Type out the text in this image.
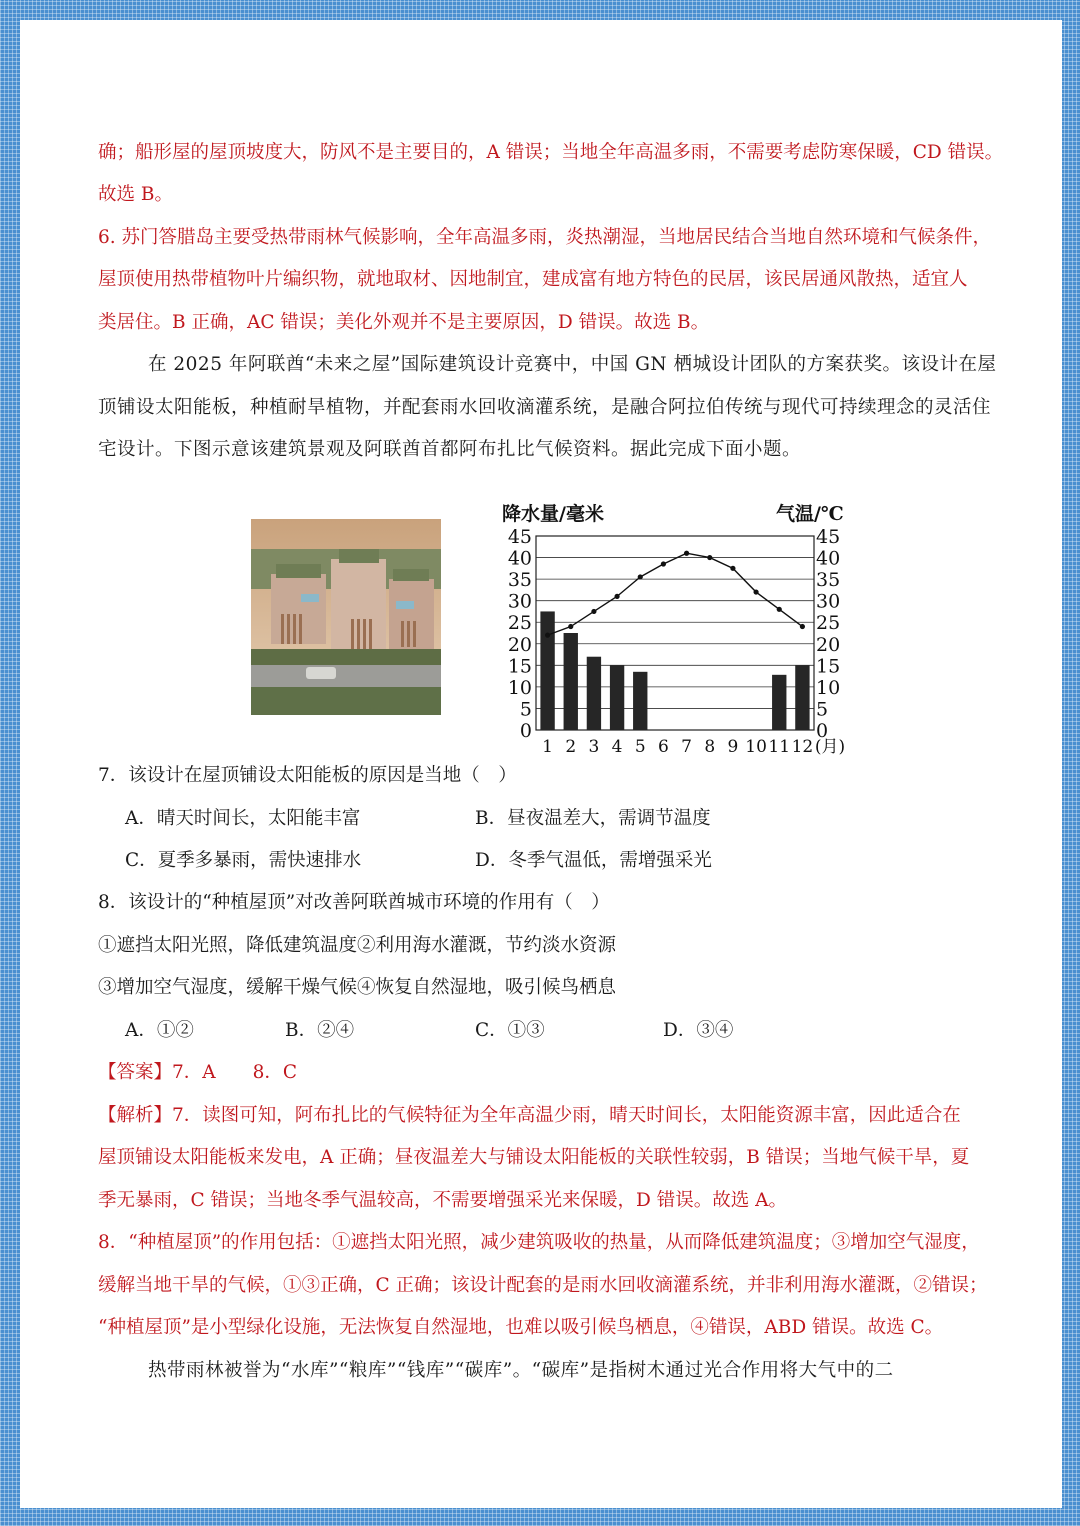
确；船形屋的屋顶坡度大，防风不是主要目的，A 错误；当地全年高温多雨，不需要考虑防寒保暖，CD 错误。
故选 B。
6. 苏门答腊岛主要受热带雨林气候影响，全年高温多雨，炎热潮湿，当地居民结合当地自然环境和气候条件，
屋顶使用热带植物叶片编织物，就地取材、因地制宜，建成富有地方特色的民居，该民居通风散热，适宜人
类居住。B 正确，AC 错误；美化外观并不是主要原因，D 错误。故选 B。
在 2025 年阿联酋“未来之屋”国际建筑设计竞赛中，中国 GN 栖城设计团队的方案获奖。该设计在屋
顶铺设太阳能板，种植耐旱植物，并配套雨水回收滴灌系统，是融合阿拉伯传统与现代可持续理念的灵活住
宅设计。下图示意该建筑景观及阿联酋首都阿布扎比气候资料。据此完成下面小题。
0	0
5	5
10	10
15	15
20	20
25	25
30	30
35	35
40	40
45	45
降水量/毫米	气温/℃
1 2 3 4 5 6 7 8 9 10 11 12 (月)
7．该设计在屋顶铺设太阳能板的原因是当地（　）
A．晴天时间长，太阳能丰富	B．昼夜温差大，需调节温度
C．夏季多暴雨，需快速排水	D．冬季气温低，需增强采光
8．该设计的“种植屋顶”对改善阿联酋城市环境的作用有（　）
①遮挡太阳光照，降低建筑温度②利用海水灌溉，节约淡水资源
③增加空气湿度，缓解干燥气候④恢复自然湿地，吸引候鸟栖息
A．①②	B．②④	C．①③	D．③④
【答案】7．A　　8．C
【解析】7．读图可知，阿布扎比的气候特征为全年高温少雨，晴天时间长，太阳能资源丰富，因此适合在
屋顶铺设太阳能板来发电，A 正确；昼夜温差大与铺设太阳能板的关联性较弱，B 错误；当地气候干旱，夏
季无暴雨，C 错误；当地冬季气温较高，不需要增强采光来保暖，D 错误。故选 A。
8．“种植屋顶”的作用包括：①遮挡太阳光照，减少建筑吸收的热量，从而降低建筑温度；③增加空气湿度，
缓解当地干旱的气候，①③正确，C 正确；该设计配套的是雨水回收滴灌系统，并非利用海水灌溉，②错误；
“种植屋顶”是小型绿化设施，无法恢复自然湿地，也难以吸引候鸟栖息，④错误，ABD 错误。故选 C。
热带雨林被誉为“水库”“粮库”“钱库”“碳库”。“碳库”是指树木通过光合作用将大气中的二
